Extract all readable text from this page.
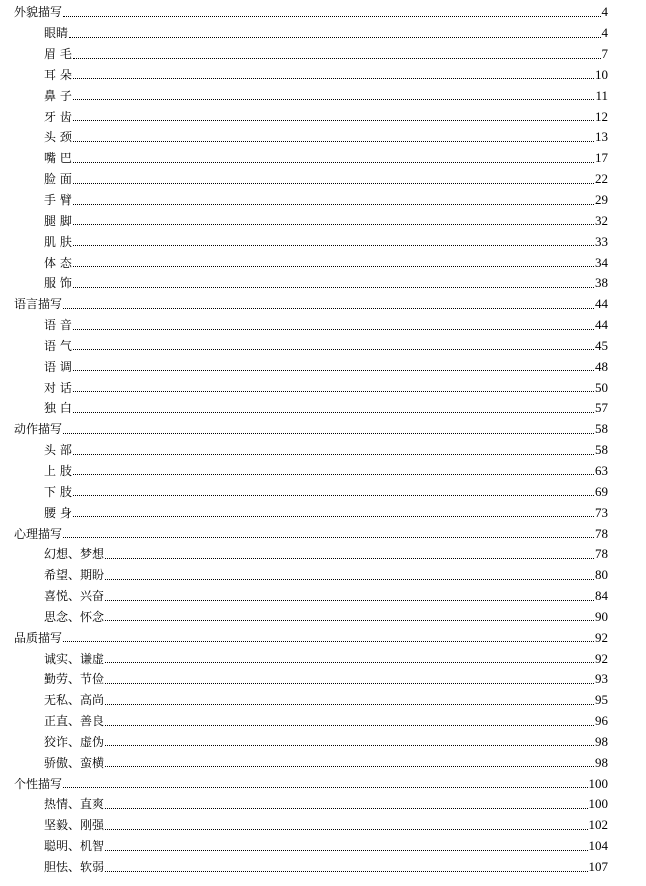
外貌描写	4
眼睛	4
眉 毛	7
耳 朵	10
鼻 子	11
牙 齿	12
头 颈	13
嘴 巴	17
脸 面	22
手 臂	29
腿 脚	32
肌 肤	33
体 态	34
服 饰	38
语言描写	44
语 音	44
语 气	45
语 调	48
对 话	50
独 白	57
动作描写	58
头 部	58
上 肢	63
下 肢	69
腰 身	73
心理描写	78
幻想、梦想	78
希望、期盼	80
喜悦、兴奋	84
思念、怀念	90
品质描写	92
诚实、谦虚	92
勤劳、节俭	93
无私、高尚	95
正直、善良	96
狡诈、虚伪	98
骄傲、蛮横	98
个性描写	100
热情、直爽	100
坚毅、刚强	102
聪明、机智	104
胆怯、软弱	107
